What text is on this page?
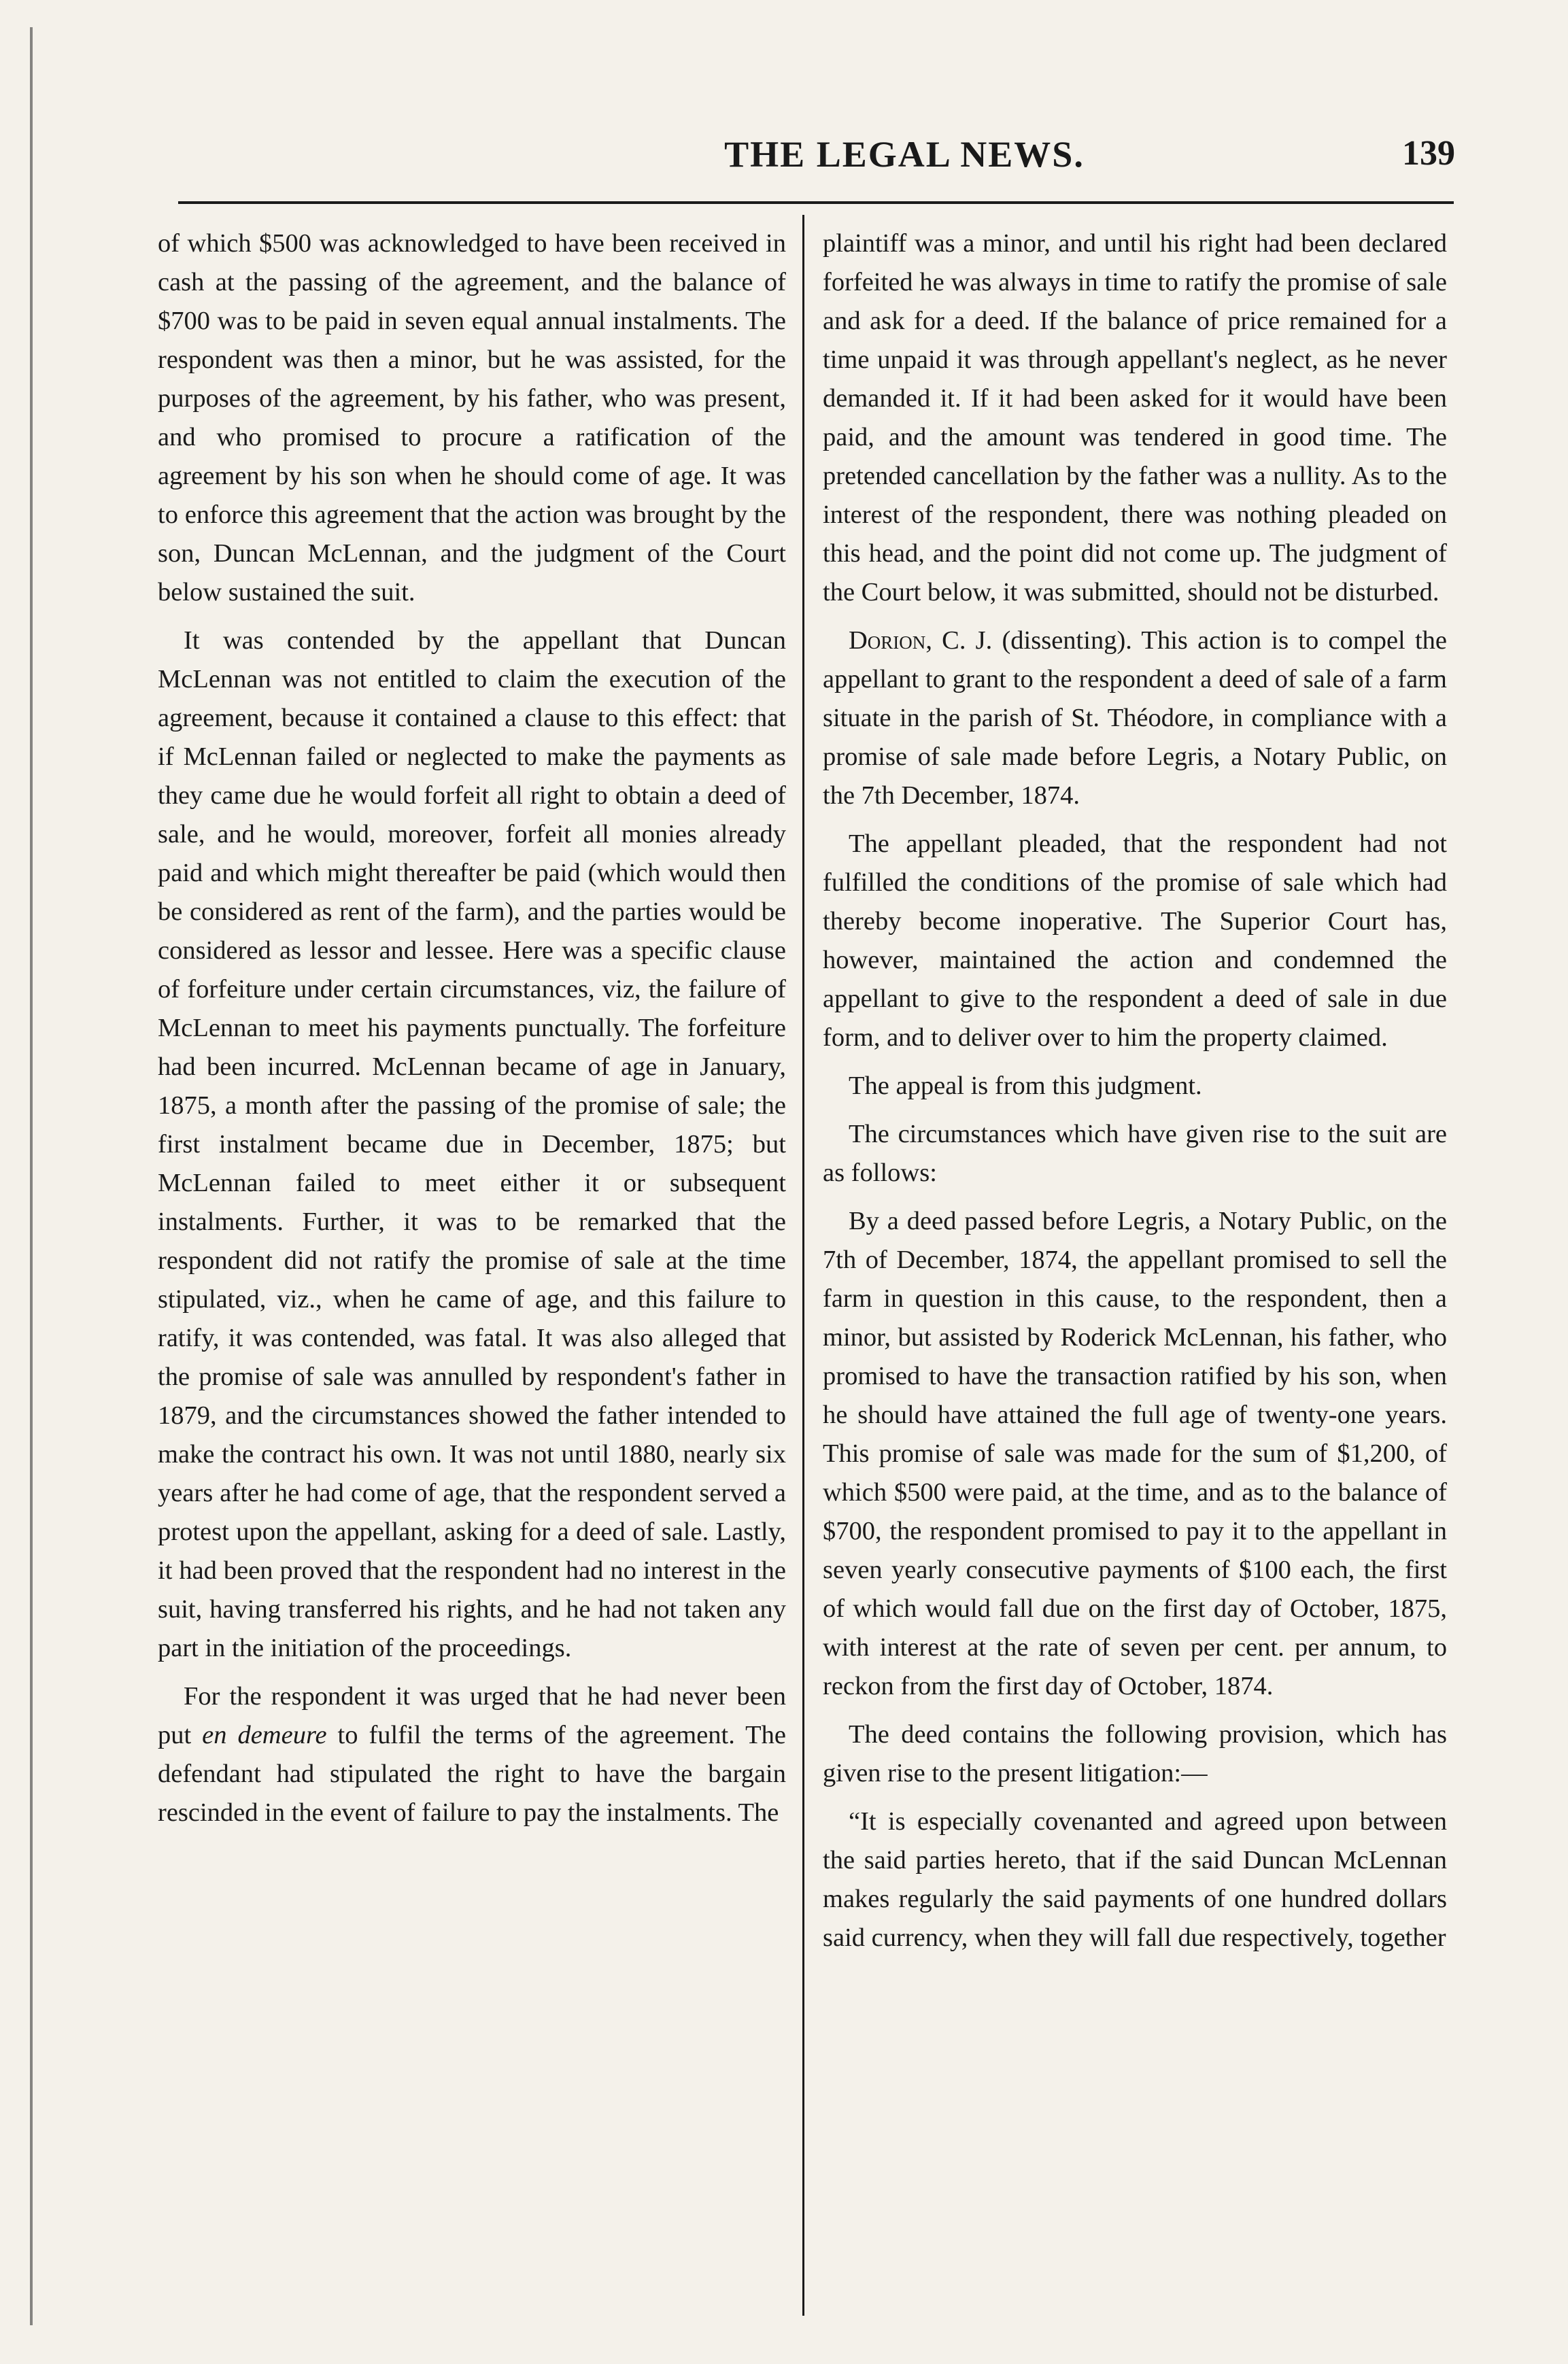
THE LEGAL NEWS.	139

of which $500 was acknowledged to have been received in cash at the passing of the agreement, and the balance of $700 was to be paid in seven equal annual instalments. The respondent was then a minor, but he was assisted, for the purposes of the agreement, by his father, who was present, and who promised to procure a ratification of the agreement by his son when he should come of age. It was to enforce this agreement that the action was brought by the son, Duncan McLennan, and the judgment of the Court below sustained the suit.

It was contended by the appellant that Duncan McLennan was not entitled to claim the execution of the agreement, because it contained a clause to this effect: that if McLennan failed or neglected to make the payments as they came due he would forfeit all right to obtain a deed of sale, and he would, moreover, forfeit all monies already paid and which might thereafter be paid (which would then be considered as rent of the farm), and the parties would be considered as lessor and lessee. Here was a specific clause of forfeiture under certain circumstances, viz, the failure of McLennan to meet his payments punctually. The forfeiture had been incurred. McLennan became of age in January, 1875, a month after the passing of the promise of sale; the first instalment became due in December, 1875; but McLennan failed to meet either it or subsequent instalments. Further, it was to be remarked that the respondent did not ratify the promise of sale at the time stipulated, viz., when he came of age, and this failure to ratify, it was contended, was fatal. It was also alleged that the promise of sale was annulled by respondent's father in 1879, and the circumstances showed the father intended to make the contract his own. It was not until 1880, nearly six years after he had come of age, that the respondent served a protest upon the appellant, asking for a deed of sale. Lastly, it had been proved that the respondent had no interest in the suit, having transferred his rights, and he had not taken any part in the initiation of the proceedings.

For the respondent it was urged that he had never been put en demeure to fulfil the terms of the agreement. The defendant had stipulated the right to have the bargain rescinded in the event of failure to pay the instalments. The

plaintiff was a minor, and until his right had been declared forfeited he was always in time to ratify the promise of sale and ask for a deed. If the balance of price remained for a time unpaid it was through appellant's neglect, as he never demanded it. If it had been asked for it would have been paid, and the amount was tendered in good time. The pretended cancellation by the father was a nullity. As to the interest of the respondent, there was nothing pleaded on this head, and the point did not come up. The judgment of the Court below, it was submitted, should not be disturbed.

Dorion, C. J. (dissenting). This action is to compel the appellant to grant to the respondent a deed of sale of a farm situate in the parish of St. Théodore, in compliance with a promise of sale made before Legris, a Notary Public, on the 7th December, 1874.

The appellant pleaded, that the respondent had not fulfilled the conditions of the promise of sale which had thereby become inoperative. The Superior Court has, however, maintained the action and condemned the appellant to give to the respondent a deed of sale in due form, and to deliver over to him the property claimed.

The appeal is from this judgment.

The circumstances which have given rise to the suit are as follows:

By a deed passed before Legris, a Notary Public, on the 7th of December, 1874, the appellant promised to sell the farm in question in this cause, to the respondent, then a minor, but assisted by Roderick McLennan, his father, who promised to have the transaction ratified by his son, when he should have attained the full age of twenty-one years. This promise of sale was made for the sum of $1,200, of which $500 were paid, at the time, and as to the balance of $700, the respondent promised to pay it to the appellant in seven yearly consecutive payments of $100 each, the first of which would fall due on the first day of October, 1875, with interest at the rate of seven per cent. per annum, to reckon from the first day of October, 1874.

The deed contains the following provision, which has given rise to the present litigation:—

“It is especially covenanted and agreed upon between the said parties hereto, that if the said Duncan McLennan makes regularly the said payments of one hundred dollars said currency, when they will fall due respectively, together
